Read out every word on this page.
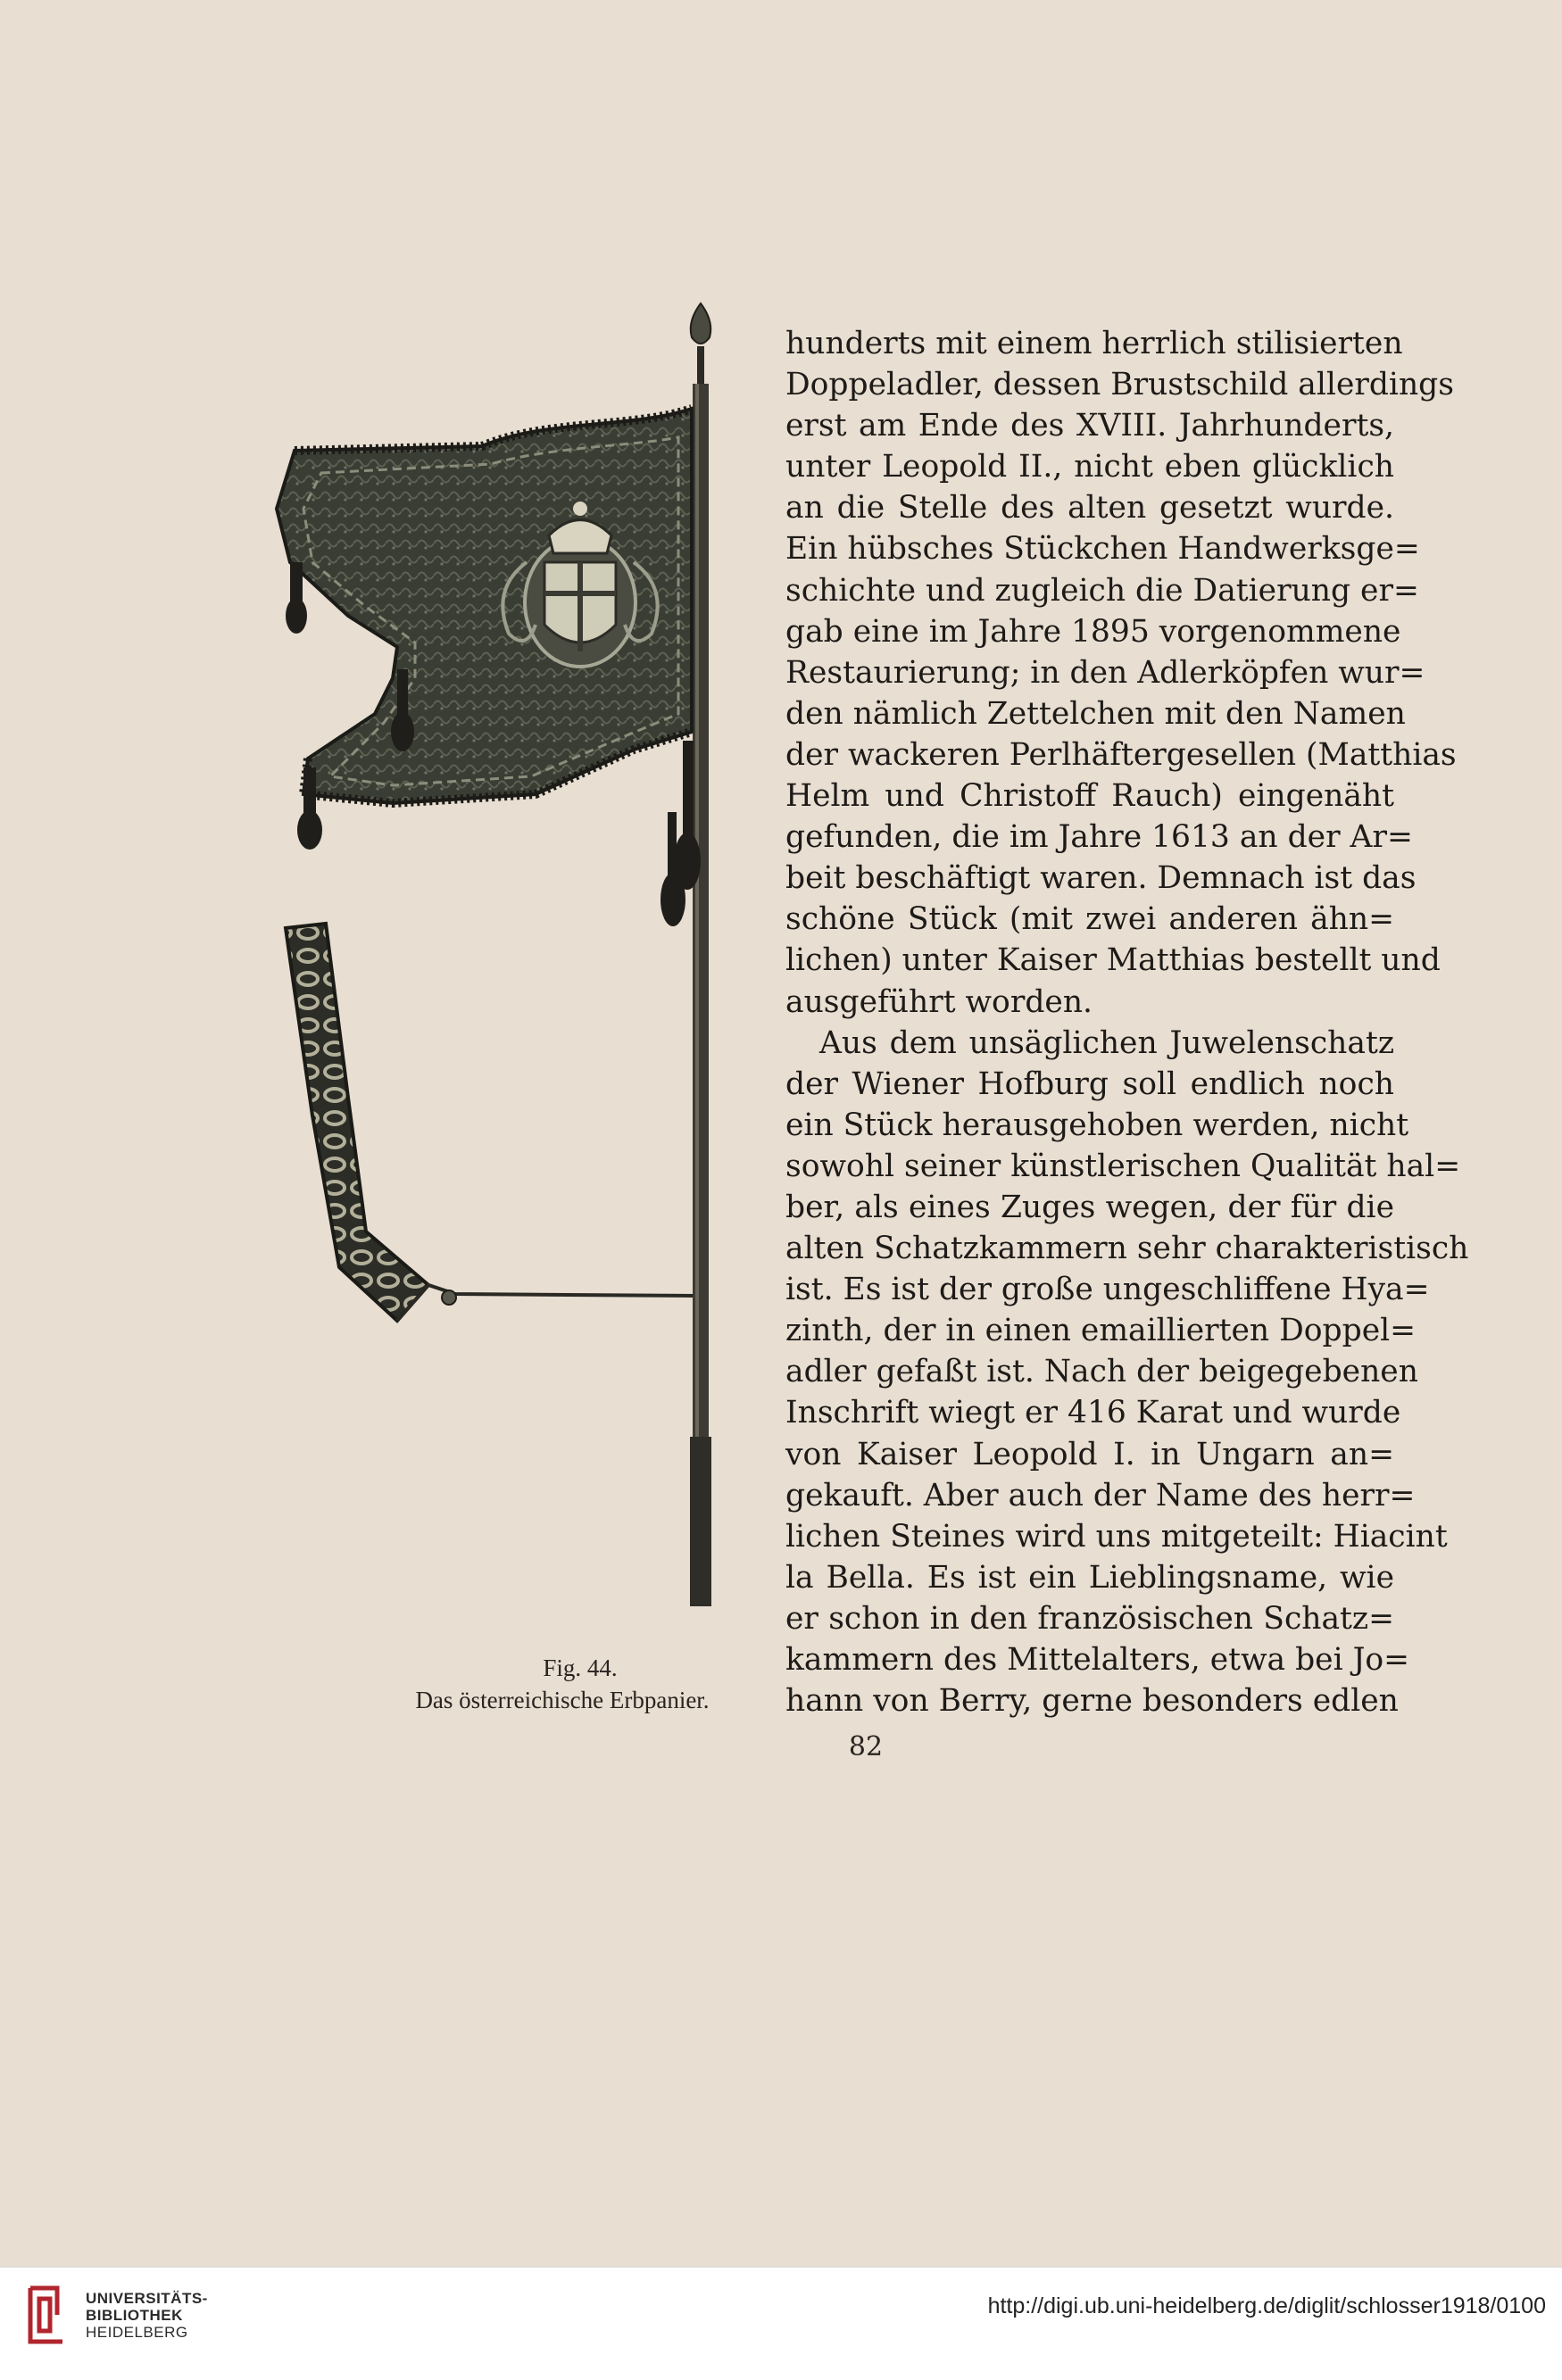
Fig. 44.
Das österreichische Erbpanier.
hunderts mit einem herrlich stilisierten
Doppeladler, dessen Brustschild allerdings
erst am Ende des XVIII. Jahrhunderts,
unter Leopold II., nicht eben glücklich
an die Stelle des alten gesetzt wurde.
Ein hübsches Stückchen Handwerksge=
schichte und zugleich die Datierung er=
gab eine im Jahre 1895 vorgenommene
Restaurierung; in den Adlerköpfen wur=
den nämlich Zettelchen mit den Namen
der wackeren Perlhäftergesellen (Matthias
Helm und Christoff Rauch) eingenäht
gefunden, die im Jahre 1613 an der Ar=
beit beschäftigt waren. Demnach ist das
schöne Stück (mit zwei anderen ähn=
lichen) unter Kaiser Matthias bestellt und
ausgeführt worden.
Aus dem unsäglichen Juwelenschatz
der Wiener Hofburg soll endlich noch
ein Stück herausgehoben werden, nicht
sowohl seiner künstlerischen Qualität hal=
ber, als eines Zuges wegen, der für die
alten Schatzkammern sehr charakteristisch
ist. Es ist der große ungeschliffene Hya=
zinth, der in einen emaillierten Doppel=
adler gefaßt ist. Nach der beigegebenen
Inschrift wiegt er 416 Karat und wurde
von Kaiser Leopold I. in Ungarn an=
gekauft. Aber auch der Name des herr=
lichen Steines wird uns mitgeteilt: Hiacint
la Bella. Es ist ein Lieblingsname, wie
er schon in den französischen Schatz=
kammern des Mittelalters, etwa bei Jo=
hann von Berry, gerne besonders edlen
82
UNIVERSITÄTS-
BIBLIOTHEK
HEIDELBERG
http://digi.ub.uni-heidelberg.de/diglit/schlosser1918/0100
